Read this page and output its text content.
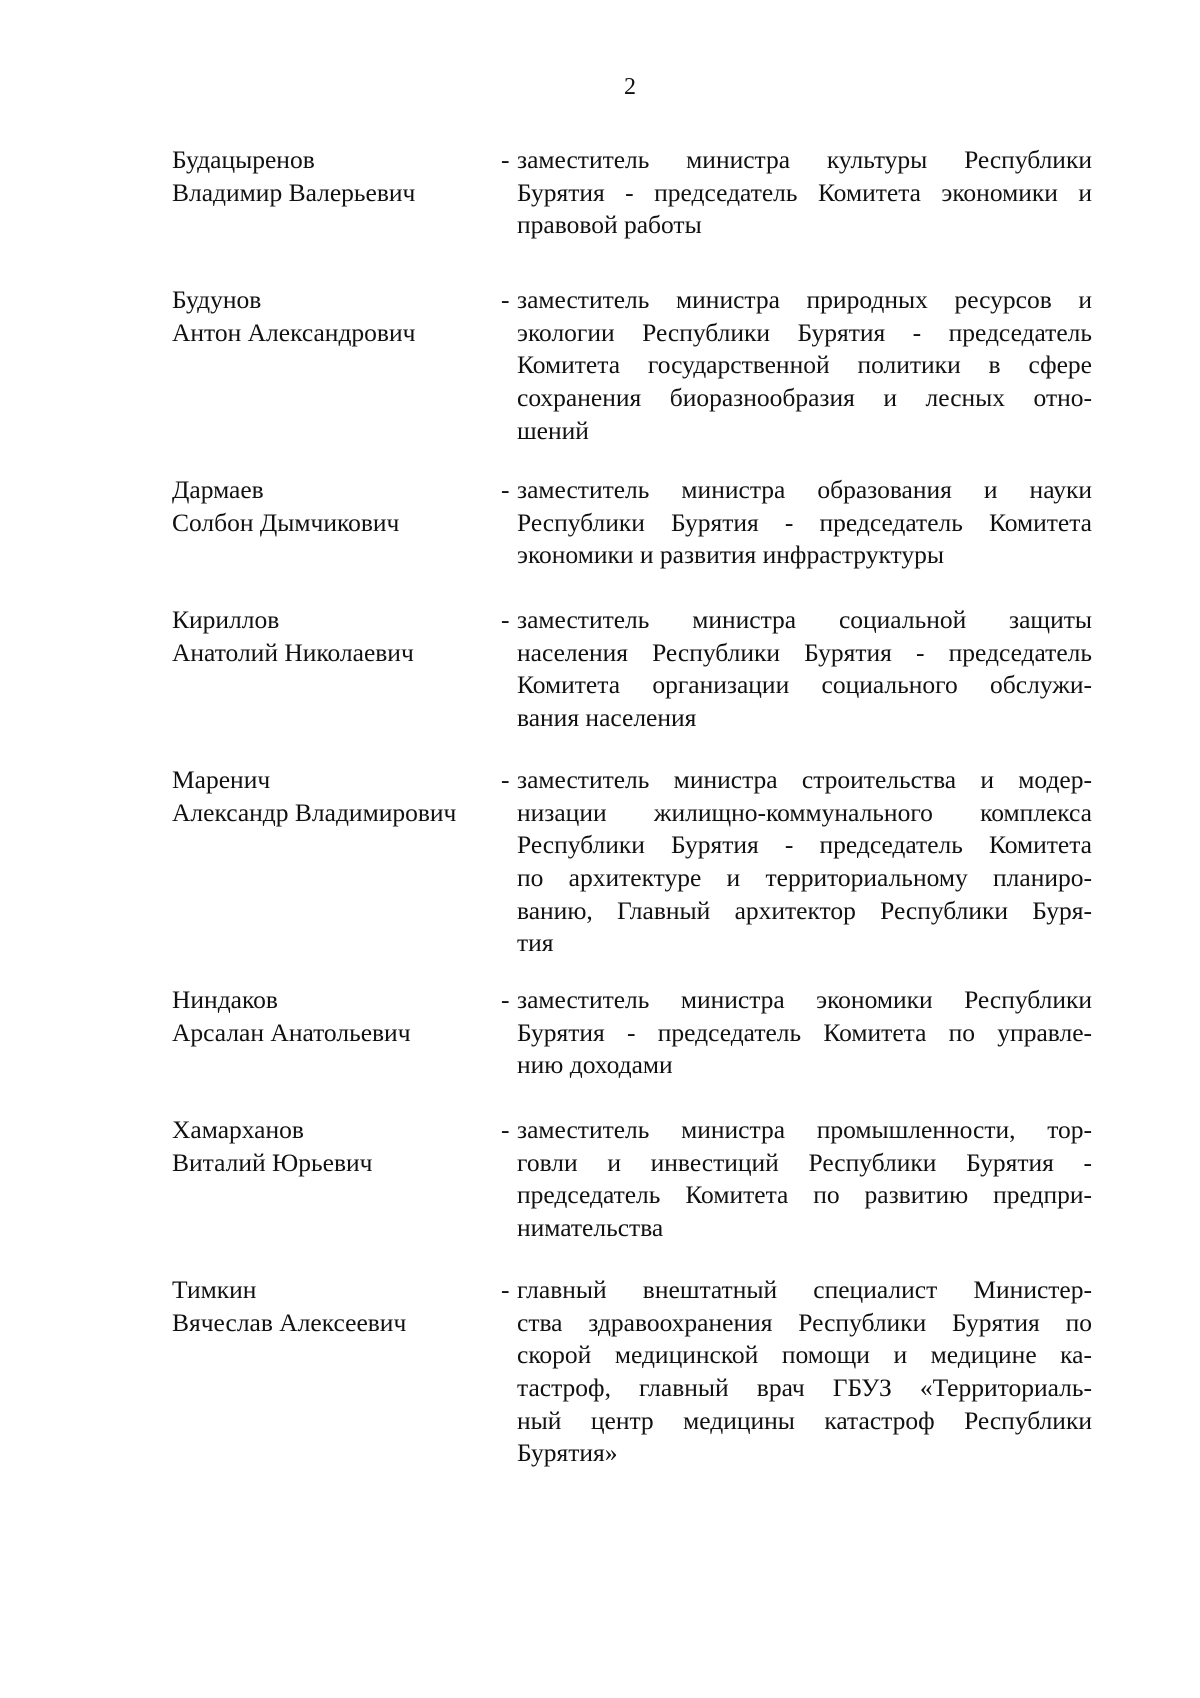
2
Будацыренов
Владимир Валерьевич
- заместитель министра культуры Республики
Бурятия - председатель Комитета экономики и
правовой работы
Будунов
Антон Александрович
- заместитель министра природных ресурсов и
экологии Республики Бурятия - председатель
Комитета государственной политики в сфере
сохранения биоразнообразия и лесных отно-
шений
Дармаев
Солбон Дымчикович
- заместитель министра образования и науки
Республики Бурятия - председатель Комитета
экономики и развития инфраструктуры
Кириллов
Анатолий Николаевич
- заместитель министра социальной защиты
населения Республики Бурятия - председатель
Комитета организации социального обслужи-
вания населения
Маренич
Александр Владимирович
- заместитель министра строительства и модер-
низации жилищно-коммунального комплекса
Республики Бурятия - председатель Комитета
по архитектуре и территориальному планиро-
ванию, Главный архитектор Республики Буря-
тия
Ниндаков
Арсалан Анатольевич
- заместитель министра экономики Республики
Бурятия - председатель Комитета по управле-
нию доходами
Хамарханов
Виталий Юрьевич
- заместитель министра промышленности, тор-
говли и инвестиций Республики Бурятия -
председатель Комитета по развитию предпри-
нимательства
Тимкин
Вячеслав Алексеевич
- главный внештатный специалист Министер-
ства здравоохранения Республики Бурятия по
скорой медицинской помощи и медицине ка-
тастроф, главный врач ГБУЗ «Территориаль-
ный центр медицины катастроф Республики
Бурятия»
